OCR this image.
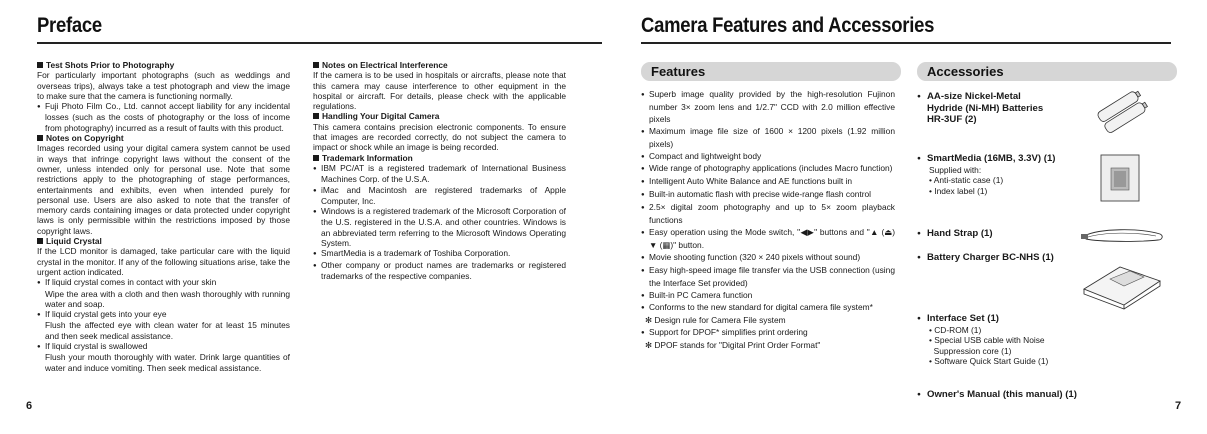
Preface

Test Shots Prior to Photography

For particularly important photographs (such as weddings and overseas trips), always take a test photograph and view the image to make sure that the camera is functioning normally.

● Fuji Photo Film Co., Ltd. cannot accept liability for any incidental losses (such as the costs of photography or the loss of income from photography) incurred as a result of faults with this product.

Notes on Copyright

Images recorded using your digital camera system cannot be used in ways that infringe copyright laws without the consent of the owner, unless intended only for personal use. Note that some restrictions apply to the photographing of stage performances, entertainments and exhibits, even when intended purely for personal use. Users are also asked to note that the transfer of memory cards containing images or data protected under copyright laws is only permissible within the restrictions imposed by those copyright laws.

Liquid Crystal

If the LCD monitor is damaged, take particular care with the liquid crystal in the monitor. If any of the following situations arise, take the urgent action indicated.

● If liquid crystal comes in contact with your skin

Wipe the area with a cloth and then wash thoroughly with running water and soap.

● If liquid crystal gets into your eye

Flush the affected eye with clean water for at least 15 minutes and then seek medical assistance.

● If liquid crystal is swallowed

Flush your mouth thoroughly with water. Drink large quantities of water and induce vomiting. Then seek medical assistance.

Notes on Electrical Interference

If the camera is to be used in hospitals or aircrafts, please note that this camera may cause interference to other equipment in the hospital or aircraft. For details, please check with the applicable regulations.

Handling Your Digital Camera

This camera contains precision electronic components. To ensure that images are recorded correctly, do not subject the camera to impact or shock while an image is being recorded.

Trademark Information

● IBM PC/AT is a registered trademark of International Business Machines Corp. of the U.S.A.

● iMac and Macintosh are registered trademarks of Apple Computer, Inc.

● Windows is a registered trademark of the Microsoft Corporation of the U.S. registered in the U.S.A. and other countries. Windows is an abbreviated term referring to the Microsoft Windows Operating System.

● SmartMedia is a trademark of Toshiba Corporation.

● Other company or product names are trademarks or registered trademarks of the respective companies.

6
Camera Features and Accessories
Features	Accessories

● Superb image quality provided by the high-resolution Fujinon number 3× zoom lens and 1/2.7" CCD with 2.0 million effective pixels

● Maximum image file size of 1600 × 1200 pixels (1.92 million pixels)

● Compact and lightweight body

● Wide range of photography applications (includes Macro function)

● Intelligent Auto White Balance and AE functions built in

● Built-in automatic flash with precise wide-range flash control

● 2.5× digital zoom photography and up to 5× zoom playback functions

● Easy operation using the Mode switch, "◀▶" buttons and "▲ (⏏) ▼ (▦)" button.

● Movie shooting function (320 × 240 pixels without sound)

● Easy high-speed image file transfer via the USB connection (using the Interface Set provided)

● Built-in PC Camera function

● Conforms to the new standard for digital camera file system*

✻ Design rule for Camera File system

● Support for DPOF* simplifies print ordering

✻ DPOF stands for "Digital Print Order Format"

● AA-size Nickel-Metal

Hydride (Ni-MH) Batteries

HR-3UF (2)

● SmartMedia (16MB, 3.3V) (1)

Supplied with:

• Anti-static case (1)

• Index label (1)

● Hand Strap (1)

● Battery Charger BC-NHS (1)

● Interface Set (1)

• CD-ROM (1)

• Special USB cable with Noise

Suppression core (1)

• Software Quick Start Guide (1)

● Owner's Manual (this manual) (1)

7
